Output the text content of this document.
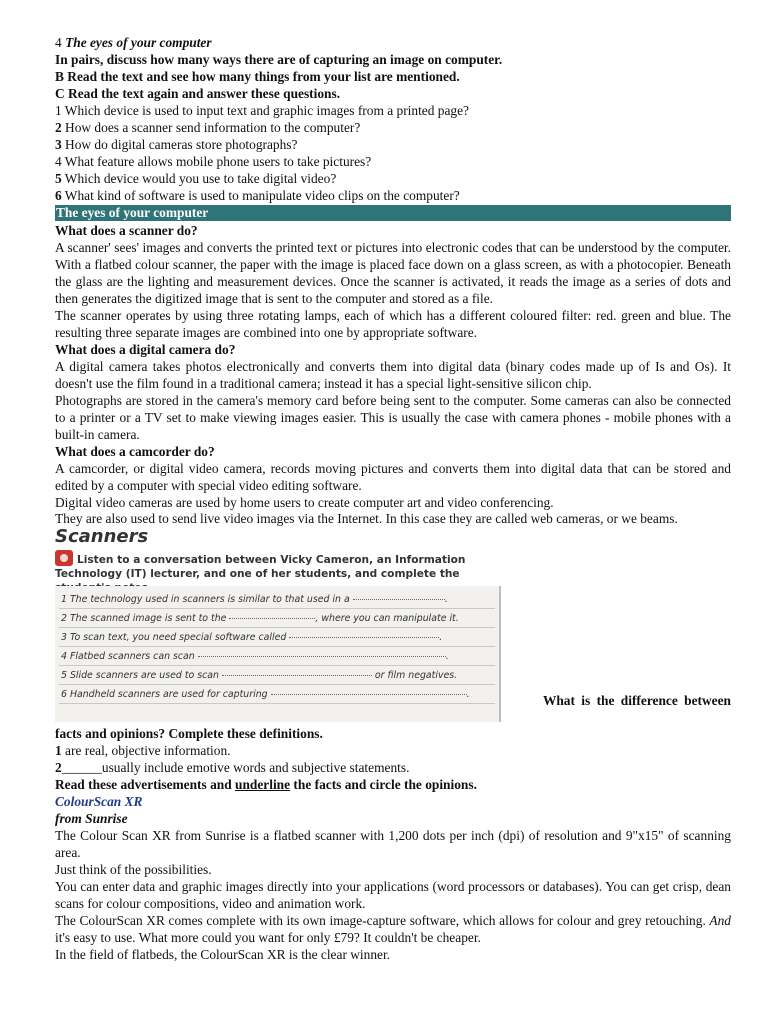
4 The eyes of your computer
In pairs, discuss how many ways there are of capturing an image on computer.
B Read the text and see how many things from your list are mentioned.
C Read the text again and answer these questions.
1 Which device is used to input text and graphic images from a printed page?
2 How does a scanner send information to the computer?
3 How do digital cameras store photographs?
4 What feature allows mobile phone users to take pictures?
5 Which device would you use to take digital video?
6 What kind of software is used to manipulate video clips on the computer?
The eyes of your computer
What does a scanner do?

A scanner' sees' images and converts the printed text or pictures into electronic codes that can be understood by the computer. With a flatbed colour scanner, the paper with the image is placed face down on a glass screen, as with a photocopier. Beneath the glass are the lighting and measurement devices. Once the scanner is activated, it reads the image as a series of dots and then generates the digitized image that is sent to the computer and stored as a file.

The scanner operates by using three rotating lamps, each of which has a different coloured filter: red. green and blue. The resulting three separate images are combined into one by appropriate software.

What does a digital camera do?

A digital camera takes photos electronically and converts them into digital data (binary codes made up of Is and Os). It doesn't use the film found in a traditional camera; instead it has a special light-sensitive silicon chip.

Photographs are stored in the camera's memory card before being sent to the computer. Some cameras can also be connected to a printer or a TV set to make viewing images easier. This is usually the case with camera phones - mobile phones with a built-in camera.

What does a camcorder do?

A camcorder, or digital video camera, records moving pictures and converts them into digital data that can be stored and edited by a computer with special video editing software.

Digital video cameras are used by home users to create computer art and video conferencing.

They are also used to send live video images via the Internet. In this case they are called web cameras, or we beams.

Scanners
Listen to a conversation between Vicky Cameron, an Information Technology (IT) lecturer, and one of her students, and complete the
1 The technology used in scanners is similar to that used in a	.
2 The scanned image is sent to the	, where you can manipulate it.
3 To scan text, you need special software called	.
4 Flatbed scanners can scan	.
5 Slide scanners are used to scan	or film negatives.
6 Handheld scanners are used for capturing	.	What is the difference between
facts and opinions? Complete these definitions.
1 are real, objective information.
2______usually include emotive words and subjective statements.
Read these advertisements and underline the facts and circle the opinions.
ColourScan XR
from Sunrise

The Colour Scan XR from Sunrise is a flatbed scanner with 1,200 dots per inch (dpi) of resolution and 9"x15" of scanning area.

Just think of the possibilities.

You can enter data and graphic images directly into your applications (word processors or databases). You can get crisp, dean scans for colour compositions, video and animation work.

The ColourScan XR comes complete with its own image-capture software, which allows for colour and grey retouching. And it's easy to use. What more could you want for only £79? It couldn't be cheaper.

In the field of flatbeds, the ColourScan XR is the clear winner.
